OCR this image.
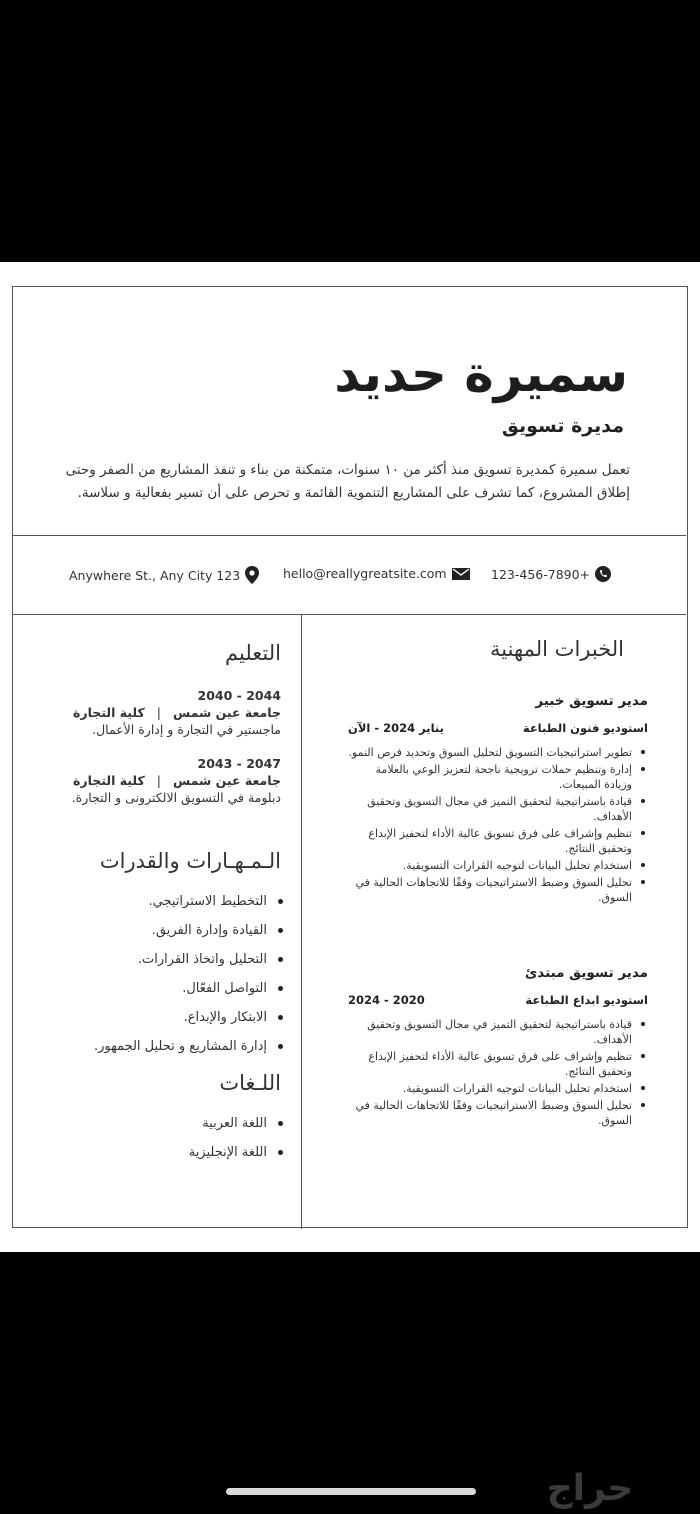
سميرة حديد
مديرة تسويق
تعمل سميرة كمديرة تسويق منذ أكثر من ١٠ سنوات، متمكنة من بناء و تنفذ المشاريع من الصفر وحتى إطلاق المشروع، كما تشرف على المشاريع التنموية القائمة و تحرص على أن تسير بفعالية و سلاسة.
123-456-7890+
hello@reallygreatsite.com
Anywhere St., Any City 123
التعليم
2040 - 2044
جامعة عين شمس|كلية التجارة
ماجستير في التجارة و إدارة الأعمال.
2043 - 2047
جامعة عين شمس|كلية التجارة
دبلومة في التسويق الالكترونى و التجارة.
الـمـهـارات والقدرات
التخطيط الاستراتيجي.
القيادة وإدارة الفريق.
التحليل واتخاذ القرارات.
التواصل الفعّال.
الابتكار والإبداع.
إدارة المشاريع و تحليل الجمهور.
اللـغات
اللغة العربية
اللغة الإنجليزية
الخبرات المهنية
مدير تسويق خبير
استوديو فنون الطباعة
يناير 2024 - الآن
تطوير استراتيجيات التسويق لتحليل السوق وتحديد فرص النمو.
إدارة وتنظيم حملات ترويجية ناجحة لتعزيز الوعي بالعلامة وزيادة المبيعات.
قيادة باستراتيجية لتحقيق التميز في مجال التسويق وتحقيق الأهداف.
تنظيم وإشراف على فرق تسويق عالية الأداء لتحفيز الإبداع وتحقيق النتائج.
استخدام تحليل البيانات لتوجيه القرارات التسويقية.
تحليل السوق وضبط الاستراتيجيات وفقًا للاتجاهات الحالية في السوق.
مدير تسويق مبتدئ
استوديو ابداع الطباعة
2020 - 2024
قيادة باستراتيجية لتحقيق التميز في مجال التسويق وتحقيق الأهداف.
تنظيم وإشراف على فرق تسويق عالية الأداء لتحفيز الإبداع وتحقيق النتائج.
استخدام تحليل البيانات لتوجيه القرارات التسويقية.
تحليل السوق وضبط الاستراتيجيات وفقًا للاتجاهات الحالية في السوق.
حراج
